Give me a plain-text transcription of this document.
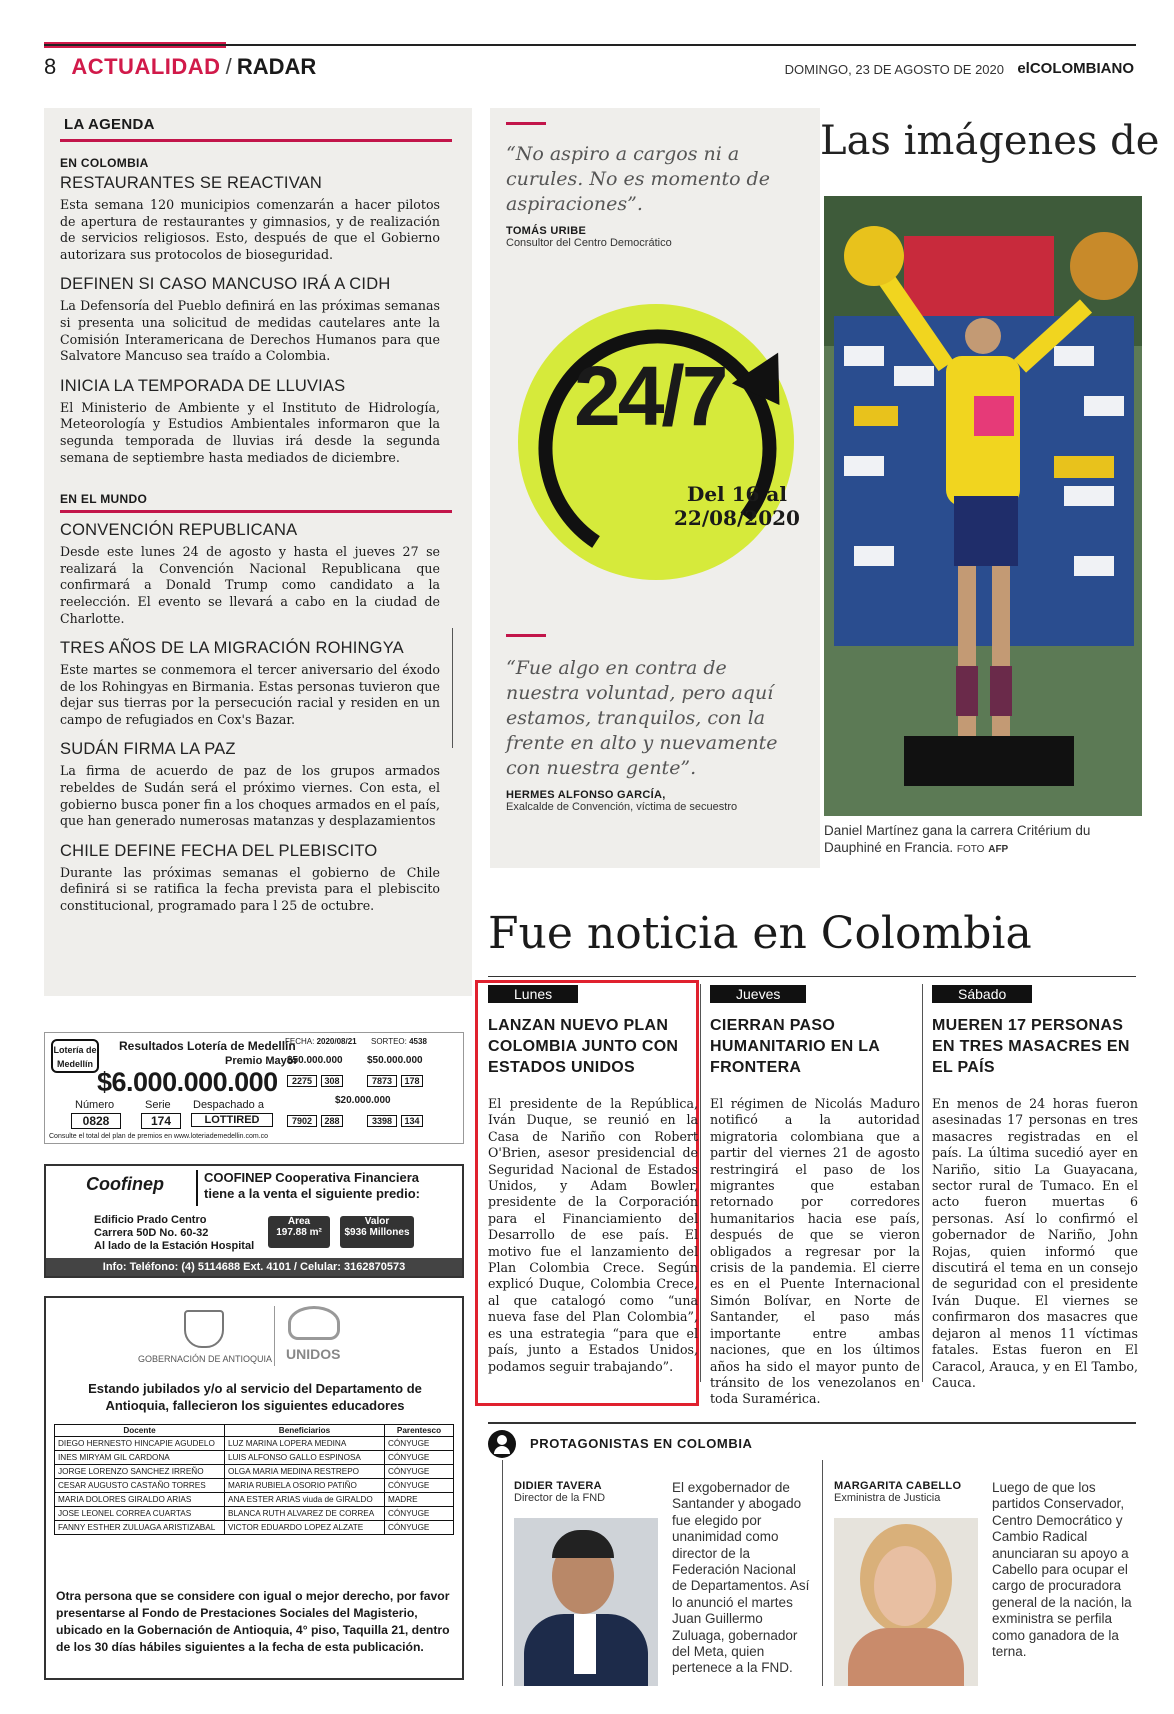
8 ACTUALIDAD / RADAR	DOMINGO, 23 DE AGOSTO DE 2020 elCOLOMBIANO
LA AGENDA
EN COLOMBIA
RESTAURANTES SE REACTIVAN
Esta semana 120 municipios comenzarán a hacer pilotos de apertura de restaurantes y gimnasios, y de realización de servicios religiosos. Esto, después de que el Gobierno autorizara sus protocolos de bioseguridad.
DEFINEN SI CASO MANCUSO IRÁ A CIDH
La Defensoría del Pueblo definirá en las próximas semanas si presenta una solicitud de medidas cautelares ante la Comisión Interamericana de Derechos Humanos para que Salvatore Mancuso sea traído a Colombia.
INICIA LA TEMPORADA DE LLUVIAS
El Ministerio de Ambiente y el Instituto de Hidrología, Meteorología y Estudios Ambientales informaron que la segunda temporada de lluvias irá desde la segunda semana de septiembre hasta mediados de diciembre.
EN EL MUNDO
CONVENCIÓN REPUBLICANA
Desde este lunes 24 de agosto y hasta el jueves 27 se realizará la Convención Nacional Republicana que confirmará a Donald Trump como candidato a la reelección. El evento se llevará a cabo en la ciudad de Charlotte.
TRES AÑOS DE LA MIGRACIÓN ROHINGYA
Este martes se conmemora el tercer aniversario del éxodo de los Rohingyas en Birmania. Estas personas tuvieron que dejar sus tierras por la persecución racial y residen en un campo de refugiados en Cox's Bazar.
SUDÁN FIRMA LA PAZ
La firma de acuerdo de paz de los grupos armados rebeldes de Sudán será el próximo viernes. Con esta, el gobierno busca poner fin a los choques armados en el país, que han generado numerosas matanzas y desplazamientos
CHILE DEFINE FECHA DEL PLEBISCITO
Durante las próximas semanas el gobierno de Chile definirá si se ratifica la fecha prevista para el plebiscito constitucional, programado para l 25 de octubre.
Lotería de Medellín
Resultados Lotería de Medellín
Premio Mayor
$6.000.000.000
Número	Serie Despachado a
0828	174	LOTTIRED
FECHA: 2020/08/21 SORTEO: 4538
$50.000.000 $50.000.000
2275	308	7873	178
$20.000.000
7902	288	3398	134
Consulte el total del plan de premios en www.loteriademedellin.com.co
Coofinep	COOFINEP Cooperativa Financiera
tiene a la venta el siguiente predio:
Edificio Prado Centro
Carrera 50D No. 60-32
Al lado de la Estación Hospital
Área
197.88 m²
Valor
$936 Millones
Info: Teléfono: (4) 5114688 Ext. 4101 / Celular: 3162870573
GOBERNACIÓN DE ANTIOQUIA UNIDOS
Estando jubilados y/o al servicio del Departamento de Antioquia, fallecieron los siguientes educadores
Docente	Beneficiarios	Parentesco
DIEGO HERNESTO HINCAPIE AGUDELO	LUZ MARINA LOPERA MEDINA	CÓNYUGE
INES MIRYAM GIL CARDONA	LUIS ALFONSO GALLO ESPINOSA	CÓNYUGE
JORGE LORENZO SANCHEZ IRREÑO	OLGA MARIA MEDINA RESTREPO	CÓNYUGE
CESAR AUGUSTO CASTAÑO TORRES	MARIA RUBIELA OSORIO PATIÑO	CÓNYUGE
MARIA DOLORES GIRALDO ARIAS	ANA ESTER ARIAS viuda de GIRALDO	MADRE
JOSE LEONEL CORREA CUARTAS	BLANCA RUTH ALVAREZ DE CORREA	CÓNYUGE
FANNY ESTHER ZULUAGA ARISTIZABAL	VICTOR EDUARDO LOPEZ ALZATE	CÓNYUGE
Otra persona que se considere con igual o mejor derecho, por favor presentarse al Fondo de Prestaciones Sociales del Magisterio, ubicado en la Gobernación de Antioquia, 4° piso, Taquilla 21, dentro de los 30 días hábiles siguientes a la fecha de esta publicación.
“No aspiro a cargos ni a curules. No es momento de aspiraciones”.
TOMÁS URIBE
Consultor del Centro Democrático
24/7
Del 16 al
22/08/2020
“Fue algo en contra de nuestra voluntad, pero aquí estamos, tranquilos, con la frente en alto y nuevamente con nuestra gente”.
HERMES ALFONSO GARCÍA,
Exalcalde de Convención, víctima de secuestro
Las imágenes de
Daniel Martínez gana la carrera Critérium du Dauphiné en Francia. FOTO AFP
Fue noticia en Colombia
Lunes
LANZAN NUEVO PLAN COLOMBIA JUNTO CON ESTADOS UNIDOS
El presidente de la República, Iván Duque, se reunió en la Casa de Nariño con Robert O'Brien, asesor presidencial de Seguridad Nacional de Estados Unidos, y Adam Bowler, presidente de la Corporación para el Financiamiento del Desarrollo de ese país. El motivo fue el lanzamiento del Plan Colombia Crece. Según explicó Duque, Colombia Crece, al que catalogó como “una nueva fase del Plan Colombia”, es una estrategia “para que el país, junto a Estados Unidos, podamos seguir trabajando”.
Jueves
CIERRAN PASO HUMANITARIO EN LA FRONTERA
El régimen de Nicolás Maduro notificó a la autoridad migratoria colombiana que a partir del viernes 21 de agosto restringirá el paso de los migrantes que estaban retornado por corredores humanitarios hacia ese país, después de que se vieron obligados a regresar por la crisis de la pandemia. El cierre es en el Puente Internacional Simón Bolívar, en Norte de Santander, el paso más importante entre ambas naciones, que en los últimos años ha sido el mayor punto de tránsito de los venezolanos en toda Suramérica.
Sábado
MUEREN 17 PERSONAS EN TRES MASACRES EN EL PAÍS
En menos de 24 horas fueron asesinadas 17 personas en tres masacres registradas en el país. La última sucedió ayer en Nariño, sitio La Guayacana, sector rural de Tumaco. En el acto fueron muertas 6 personas. Así lo confirmó el gobernador de Nariño, John Rojas, quien informó que discutirá el tema en un consejo de seguridad con el presidente Iván Duque. El viernes se confirmaron dos masacres que dejaron al menos 11 víctimas fatales. Estas fueron en El Caracol, Arauca, y en El Tambo, Cauca.
PROTAGONISTAS EN COLOMBIA
DIDIER TAVERA
Director de la FND
El exgobernador de Santander y abogado fue elegido por unanimidad como director de la Federación Nacional de Departamentos. Así lo anunció el martes Juan Guillermo Zuluaga, gobernador del Meta, quien pertenece a la FND.
MARGARITA CABELLO
Exministra de Justicia
Luego de que los partidos Conservador, Centro Democrático y Cambio Radical anunciaran su apoyo a Cabello para ocupar el cargo de procuradora general de la nación, la exministra se perfila como ganadora de la terna.
